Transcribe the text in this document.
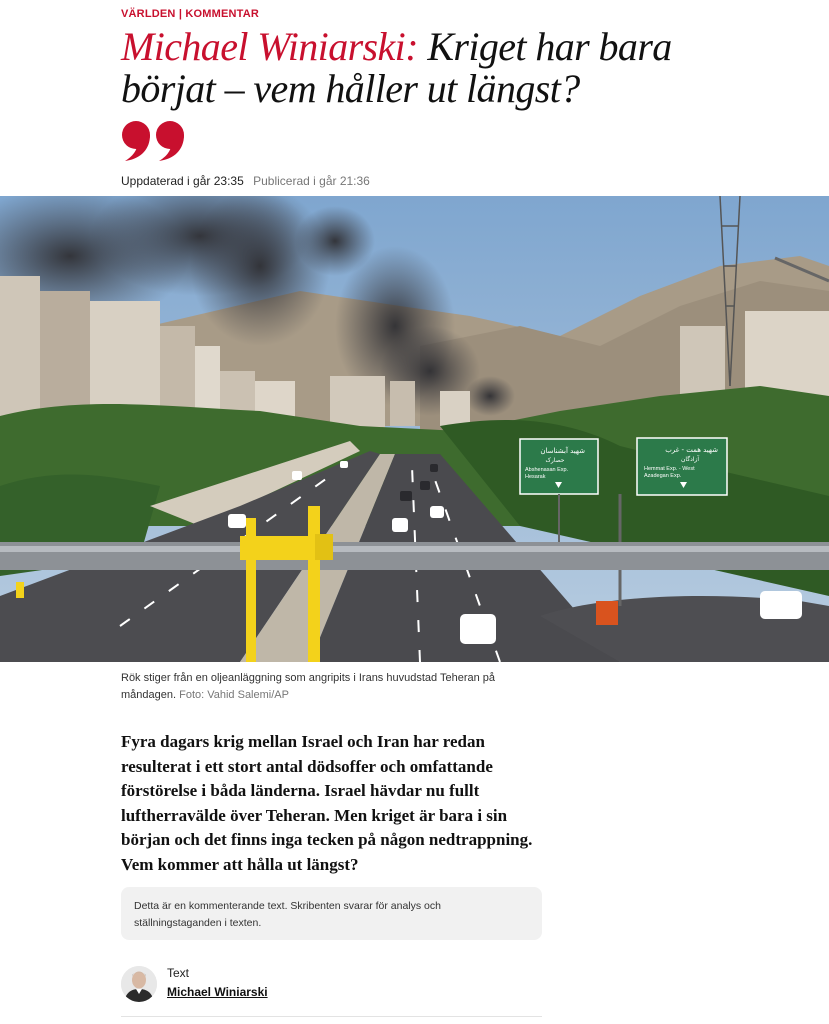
VÄRLDEN | KOMMENTAR
Michael Winiarski: Kriget har bara
börjat – vem håller ut längst?
Uppdaterad i går 23:35 Publicerad i går 21:36
شهید آبشناسان
حصارک
Abshenasan Exp.
Hesarak
شهید همت - غرب
آزادگان
Hemmat Exp. - West
Azadegan Exp.
Rök stiger från en oljeanläggning som angripits i Irans huvudstad Teheran på måndagen. Foto: Vahid Salemi/AP

Fyra dagars krig mellan Israel och Iran har redan resulterat i ett stort antal dödsoffer och omfattande förstörelse i båda länderna. Israel hävdar nu fullt luftherravälde över Teheran. Men kriget är bara i sin början och det finns inga tecken på någon nedtrappning. Vem kommer att hålla ut längst?

Detta är en kommenterande text. Skribenten svarar för analys och ställningstaganden i texten.
Text
Michael Winiarski
